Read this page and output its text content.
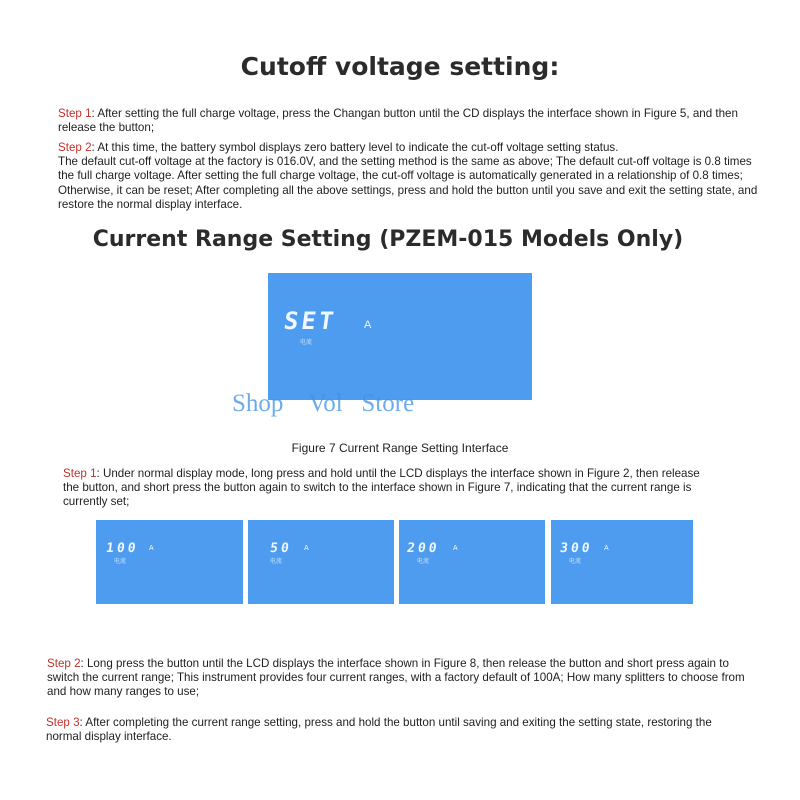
Cutoff voltage setting:
Step 1: After setting the full charge voltage, press the Changan button until the CD displays the interface shown in Figure 5, and then release the button;
Step 2: At this time, the battery symbol displays zero battery level to indicate the cut-off voltage setting status.
The default cut-off voltage at the factory is 016.0V, and the setting method is the same as above; The default cut-off voltage is 0.8 times the full charge voltage. After setting the full charge voltage, the cut-off voltage is automatically generated in a relationship of 0.8 times; Otherwise, it can be reset; After completing all the above settings, press and hold the button until you save and exit the setting state, and restore the normal display interface.
Current Range Setting (PZEM-015 Models Only)
SET A
电流
Shop    Vol   Store
Figure 7 Current Range Setting Interface
Step 1: Under normal display mode, long press and hold until the LCD displays the interface shown in Figure 2, then release the button, and short press the button again to switch to the interface shown in Figure 7, indicating that the current range is currently set;
100 A
电流
50 A
电流
200 A
电流
300 A
电流
Step 2: Long press the button until the LCD displays the interface shown in Figure 8, then release the button and short press again to switch the current range; This instrument provides four current ranges, with a factory default of 100A; How many splitters to choose from and how many ranges to use;
Step 3: After completing the current range setting, press and hold the button until saving and exiting the setting state, restoring the normal display interface.
